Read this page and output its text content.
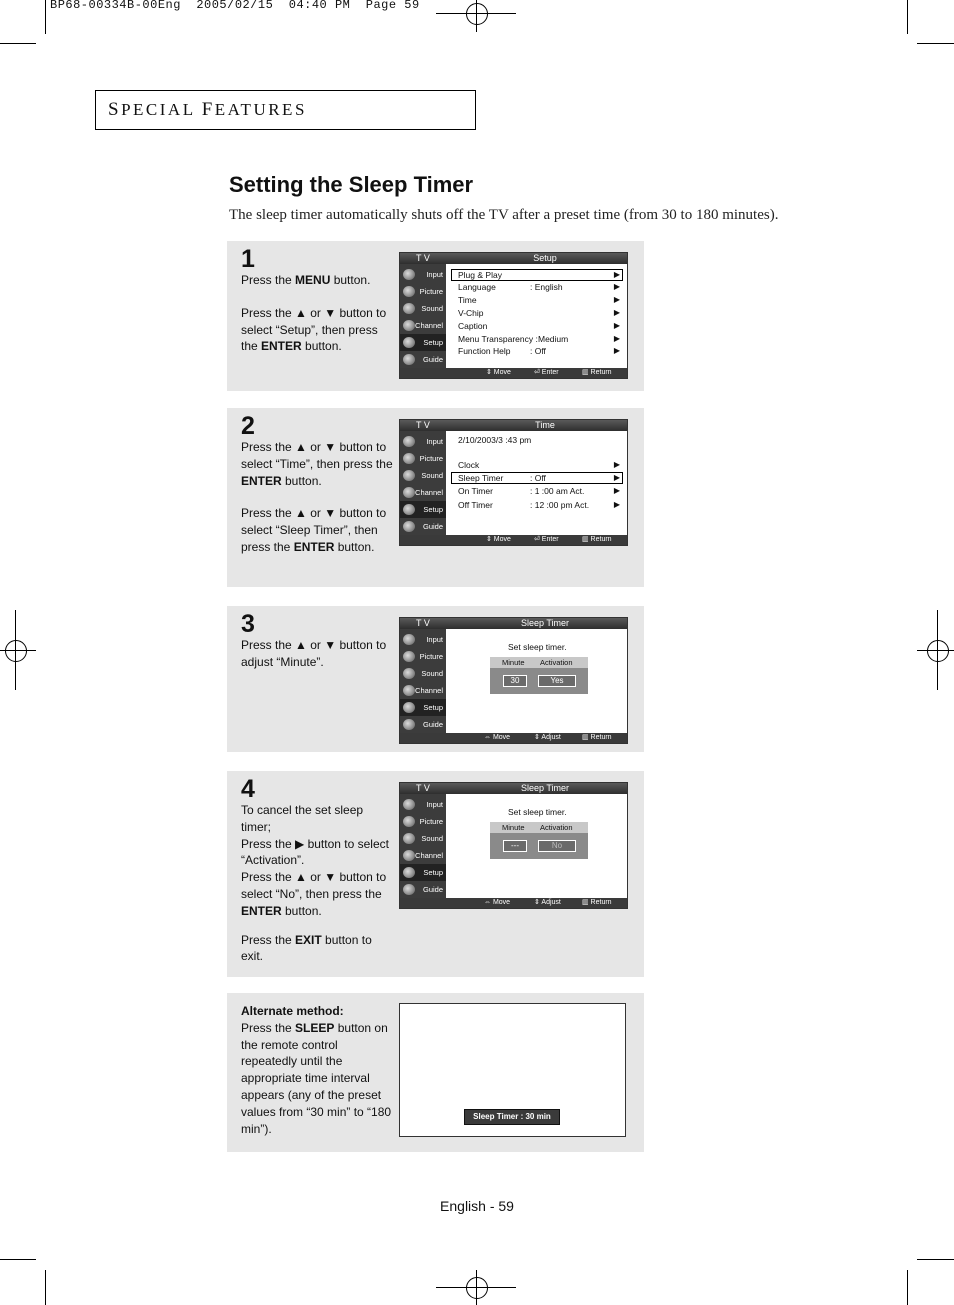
BP68-00334B-00Eng  2005/02/15  04:40 PM  Page 59
SPECIAL FEATURES
Setting the Sleep Timer
The sleep timer automatically shuts off the TV after a preset time (from 30 to 180 minutes).
1

Press the MENU button.

Press the ▲ or ▼ button to select “Setup”, then press the ENTER button.

T V	Setup
Input
Picture
Sound
Channel
Setup
Guide
Plug & Play	▶
Language	: English	▶
Time	▶
V-Chip	▶
Caption	▶
Menu Transparency : Medium	▶
Function Help : Off	▶
⇕ Move	⏎ Enter	▥ Return
2

Press the ▲ or ▼ button to select “Time”, then press the ENTER button.

Press the ▲ or ▼ button to select “Sleep Timer”, then press the ENTER button.

T V	Time
Input
Picture
Sound
Channel
Setup
Guide
2/10/2003/3 :43 pm
Clock	▶
Sleep Timer	: Off	▶
On Timer	: 1 :00 am Act.	▶
Off Timer	: 12 :00 pm Act.	▶
⇕ Move	⏎ Enter	▥ Return
3

Press the ▲ or ▼ button to adjust “Minute”.

T V	Sleep Timer
Input
Picture
Sound
Channel
Setup
Guide
Set sleep timer.
Minute Activation
30	Yes
⇔ Move	⇕ Adjust	▥ Return
4

To cancel the set sleep timer;

Press the ▶ button to select “Activation”.

Press the ▲ or ▼ button to select “No”, then press the ENTER button.

Press the EXIT button to exit.

T V	Sleep Timer
Input
Picture
Sound
Channel
Setup
Guide
Set sleep timer.
Minute Activation
---	No
⇔ Move	⇕ Adjust	▥ Return
Alternate method:
Press the SLEEP button on the remote control repeatedly until the appropriate time interval appears (any of the preset values from “30 min” to “180 min”).
Sleep Timer : 30 min
English - 59
